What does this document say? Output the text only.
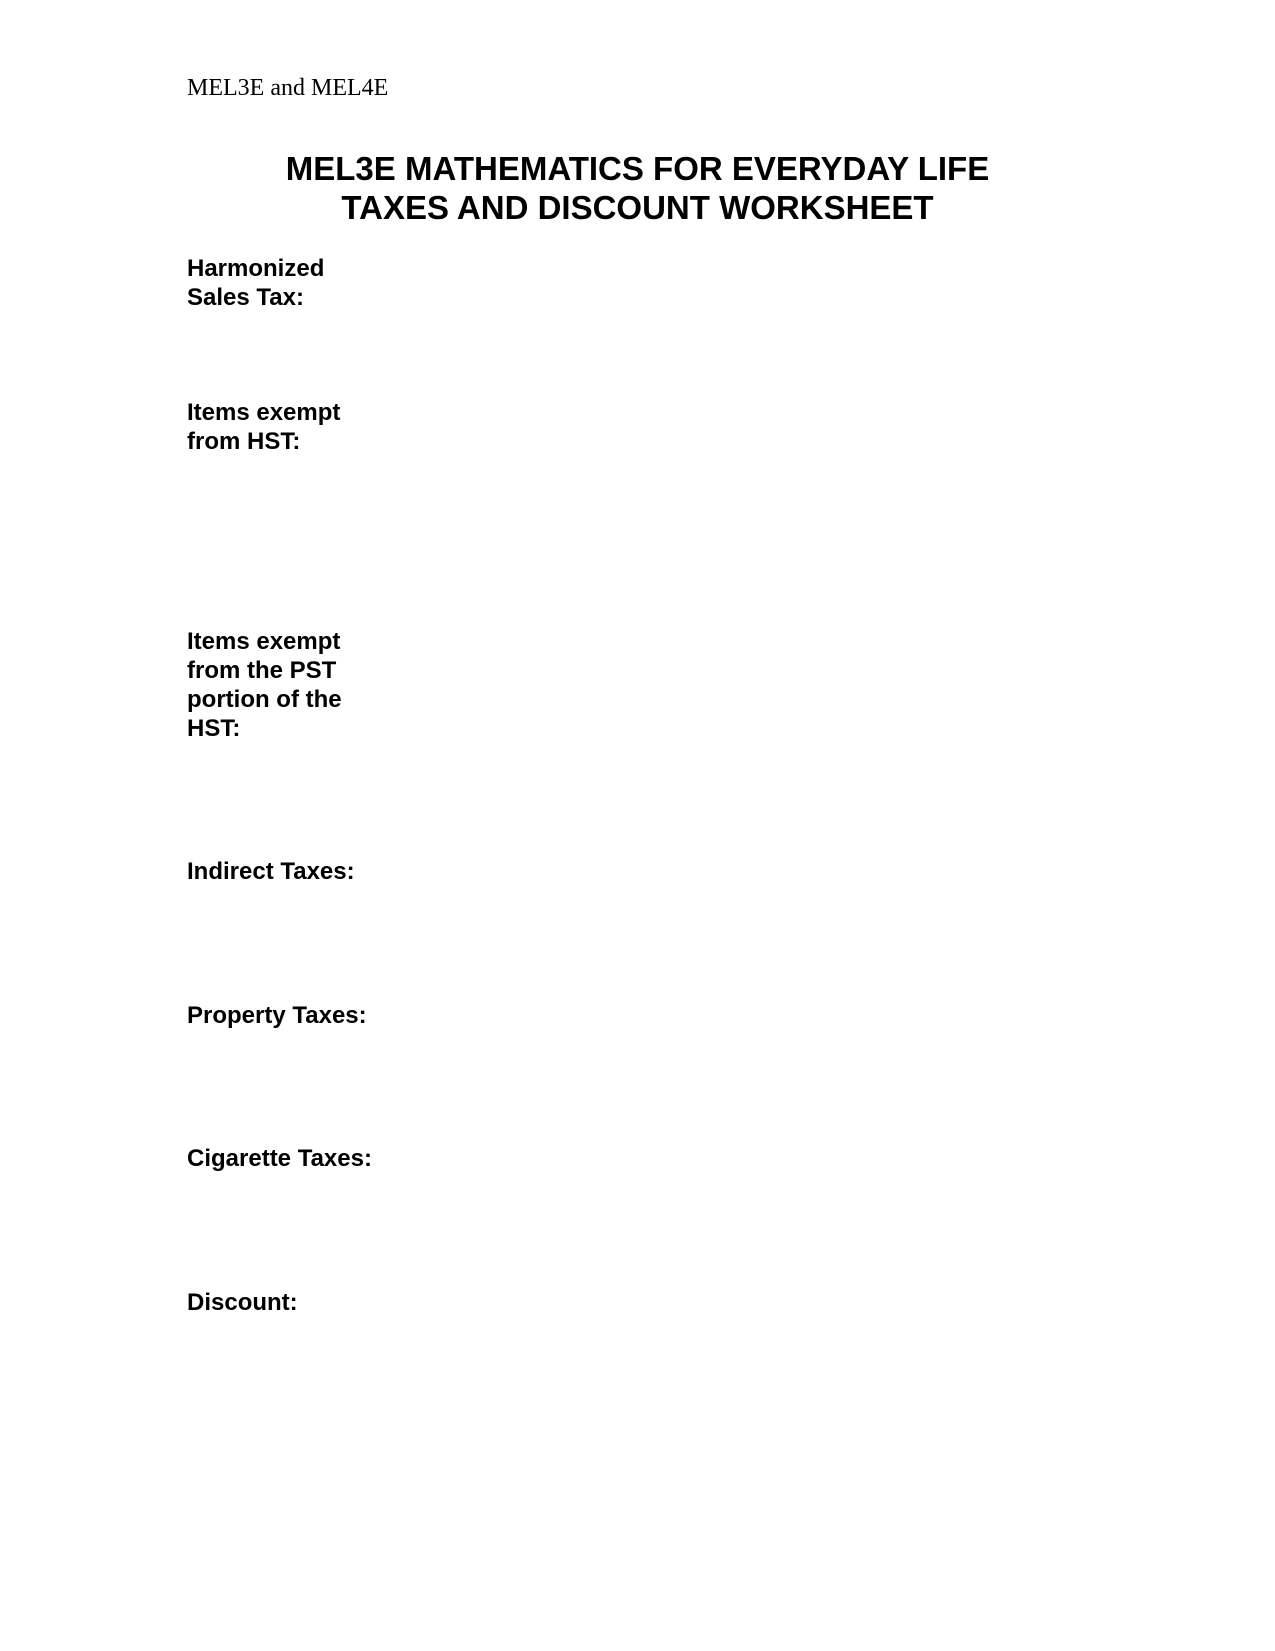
MEL3E and MEL4E
MEL3E MATHEMATICS FOR EVERYDAY LIFE
TAXES AND DISCOUNT WORKSHEET
Harmonized
Sales Tax:
Items exempt
from HST:
Items exempt
from the PST
portion of the
HST:
Indirect Taxes:
Property Taxes:
Cigarette Taxes:
Discount:
